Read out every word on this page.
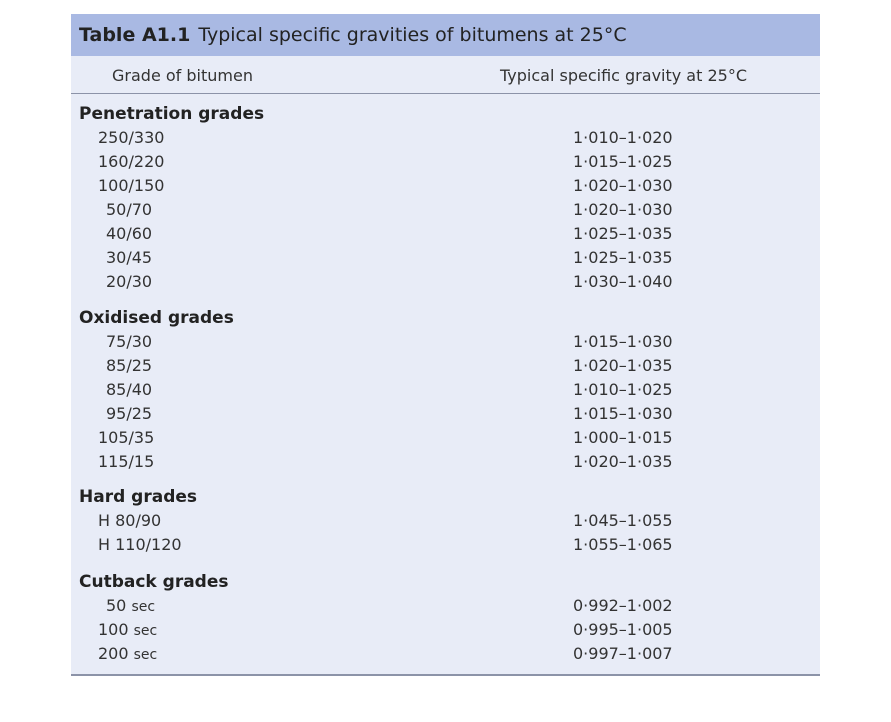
Table A1.1 Typical specific gravities of bitumens at 25°C
Grade of bitumen	Typical specific gravity at 25°C
Penetration grades
250/330	1·010–1·020
160/220	1·015–1·025
100/150	1·020–1·030
50/70	1·020–1·030
40/60	1·025–1·035
30/45	1·025–1·035
20/30	1·030–1·040
Oxidised grades
75/30	1·015–1·030
85/25	1·020–1·035
85/40	1·010–1·025
95/25	1·015–1·030
105/35	1·000–1·015
115/15	1·020–1·035
Hard grades
H 80/90	1·045–1·055
H 110/120	1·055–1·065
Cutback grades
50 sec	0·992–1·002
100 sec	0·995–1·005
200 sec	0·997–1·007
